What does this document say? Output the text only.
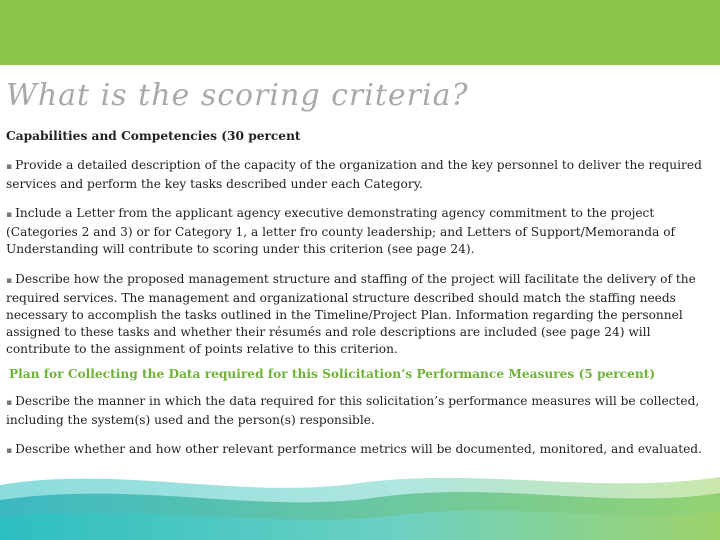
What is the scoring criteria?
Capabilities and Competencies (30 percent

▪ Provide a detailed description of the capacity of the organization and the key personnel to deliver the required services and perform the key tasks described under each Category.

▪ Include a Letter from the applicant agency executive demonstrating agency commitment to the project (Categories 2 and 3) or for Category 1, a letter fro county leadership; and Letters of Support/Memoranda of Understanding will contribute to scoring under this criterion (see page 24).

▪ Describe how the proposed management structure and staffing of the project will facilitate the delivery of the required services. The management and organizational structure described should match the staffing needs necessary to accomplish the tasks outlined in the Timeline/Project Plan. Information regarding the personnel assigned to these tasks and whether their résumés and role descriptions are included (see page 24) will contribute to the assignment of points relative to this criterion.

Plan for Collecting the Data required for this Solicitation’s Performance Measures (5 percent)

▪ Describe the manner in which the data required for this solicitation’s performance measures will be collected, including the system(s) used and the person(s) responsible.

▪ Describe whether and how other relevant performance metrics will be documented, monitored, and evaluated.
